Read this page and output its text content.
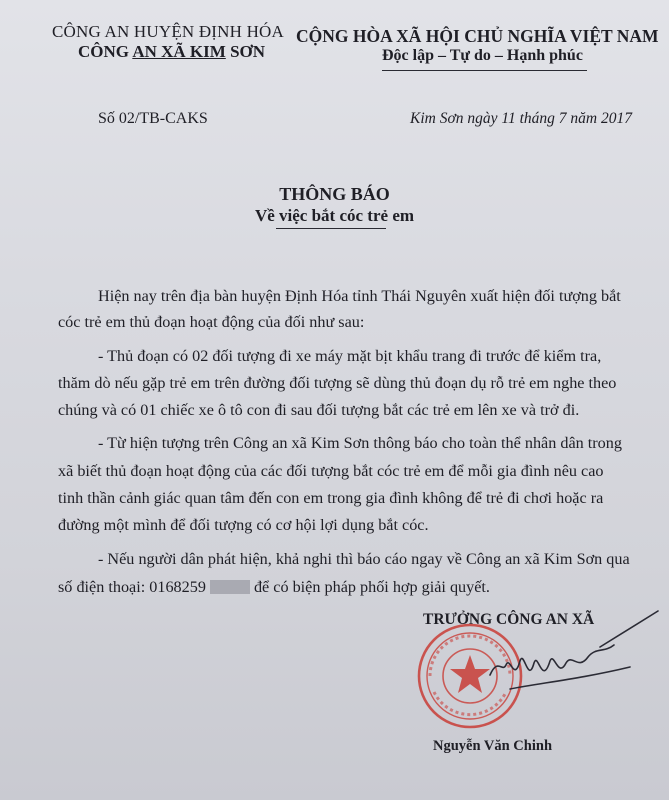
CÔNG AN HUYỆN ĐỊNH HÓA
CÔNG AN XÃ KIM SƠN
CỘNG HÒA XÃ HỘI CHỦ NGHĨA VIỆT NAM
Độc lập – Tự do – Hạnh phúc
Số 02/TB-CAKS	Kim Sơn ngày 11 tháng 7 năm 2017
THÔNG BÁO
Về việc bắt cóc trẻ em
Hiện nay trên địa bàn huyện Định Hóa tỉnh Thái Nguyên xuất hiện đối tượng bắt
cóc trẻ em thủ đoạn hoạt động của đối như sau:
- Thủ đoạn có 02 đối tượng đi xe máy mặt bịt khẩu trang đi trước để kiểm tra,
thăm dò nếu gặp trẻ em trên đường đối tượng sẽ dùng thủ đoạn dụ rỗ trẻ em nghe theo
chúng và có 01 chiếc xe ô tô con đi sau đối tượng bắt các trẻ em lên xe và trở đi.
- Từ hiện tượng trên Công an xã Kim Sơn thông báo cho toàn thể nhân dân trong
xã biết thủ đoạn hoạt động của các đối tượng bắt cóc trẻ em để mỗi gia đình nêu cao
tinh thần cảnh giác quan tâm đến con em trong gia đình không để trẻ đi chơi hoặc ra
đường một mình để đối tượng có cơ hội lợi dụng bắt cóc.
- Nếu người dân phát hiện, khả nghi thì báo cáo ngay về Công an xã Kim Sơn qua
số điện thoại: 0168259	để có biện pháp phối hợp giải quyết.
TRƯỞNG CÔNG AN XÃ
Nguyễn Văn Chinh
